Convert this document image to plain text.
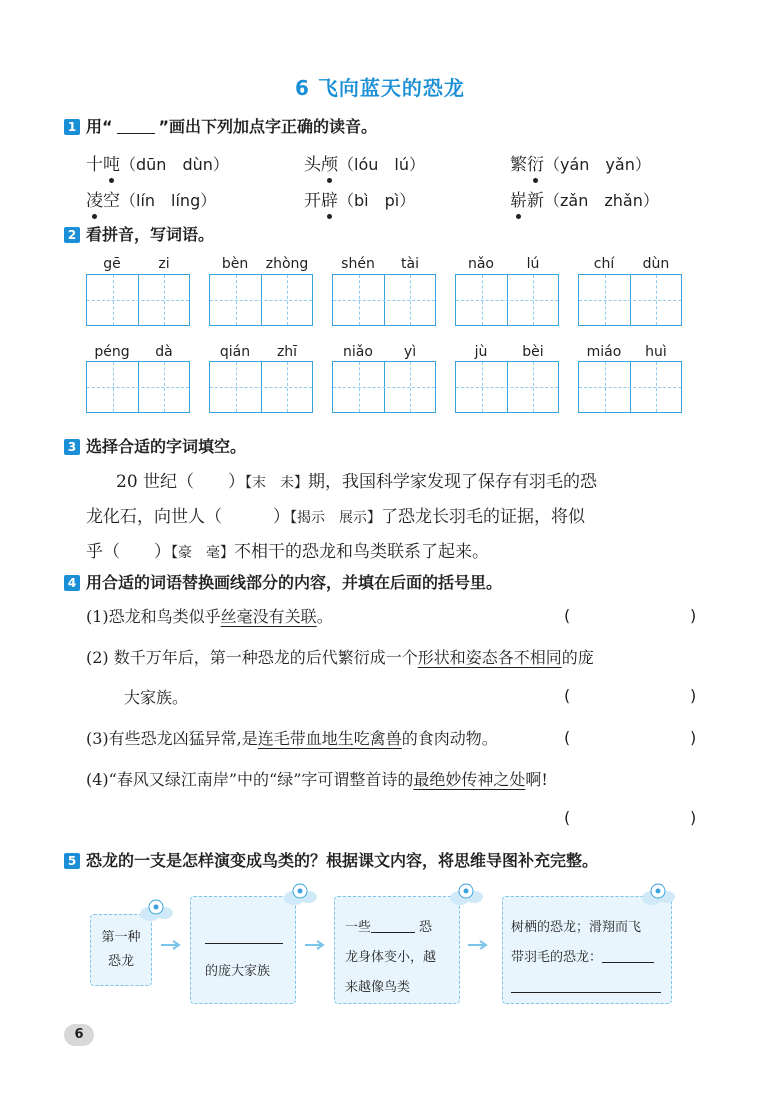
6 飞向蓝天的恐龙
1 用“	”画出下列加点字正确的读音。
十吨（dūn　dùn）	头颅（lóu　lú）	繁衍（yán　yǎn）
凌空（lín　líng）	开辟（bì　pì）	崭新（zǎn　zhǎn）
2 看拼音，写词语。
gē	zi	bèn	zhòng	shén	tài	nǎo	lú	chí	dùn
péng	dà	qián	zhī	niǎo	yì	jù	bèi	miáo	huì
3 选择合适的字词填空。
20 世纪（　　）【末　未】期，我国科学家发现了保存有羽毛的恐
龙化石，向世人（　　　）【揭示　展示】了恐龙长羽毛的证据，将似
乎（　　）【豪　毫】不相干的恐龙和鸟类联系了起来。
4 用合适的词语替换画线部分的内容，并填在后面的括号里。
(1)恐龙和鸟类似乎丝毫没有关联。
(2) 数千万年后，第一种恐龙的后代繁衍成一个形状和姿态各不相同的庞
大家族。
(3)有些恐龙凶猛异常,是连毛带血地生吃禽兽的食肉动物。
(4)“春风又绿江南岸”中的“绿”字可谓整首诗的最绝妙传神之处啊!
(	)
(	)
(	)
(	)
5 恐龙的一支是怎样演变成鸟类的？根据课文内容，将思维导图补充完整。
第一种
恐龙
的庞大家族
一些	恐
龙身体变小，越
来越像鸟类
树栖的恐龙；滑翔而飞
带羽毛的恐龙：
6
